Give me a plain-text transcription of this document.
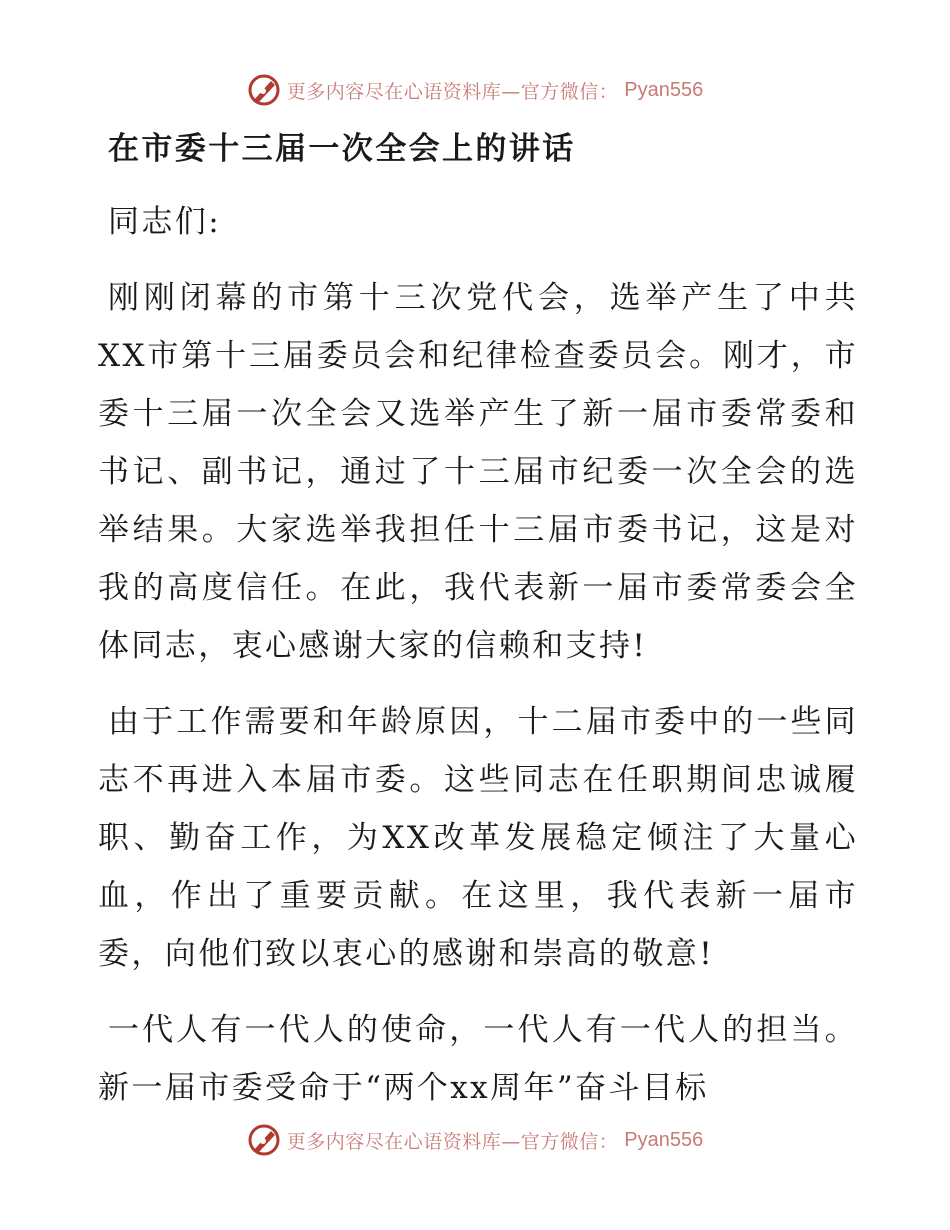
更多内容尽在心语资料库—官方微信： Pyan556
在市委十三届一次全会上的讲话

同志们:

刚刚闭幕的市第十三次党代会，选举产生了中共XX市第十三届委员会和纪律检查委员会。刚才，市委十三届一次全会又选举产生了新一届市委常委和书记、副书记，通过了十三届市纪委一次全会的选举结果。大家选举我担任十三届市委书记，这是对我的高度信任。在此，我代表新一届市委常委会全体同志，衷心感谢大家的信赖和支持!

由于工作需要和年龄原因，十二届市委中的一些同志不再进入本届市委。这些同志在任职期间忠诚履职、勤奋工作，为XX改革发展稳定倾注了大量心血，作出了重要贡献。在这里，我代表新一届市委，向他们致以衷心的感谢和崇高的敬意!

一代人有一代人的使命，一代人有一代人的担当。新一届市委受命于“两个xx周年”奋斗目标

更多内容尽在心语资料库—官方微信： Pyan556
